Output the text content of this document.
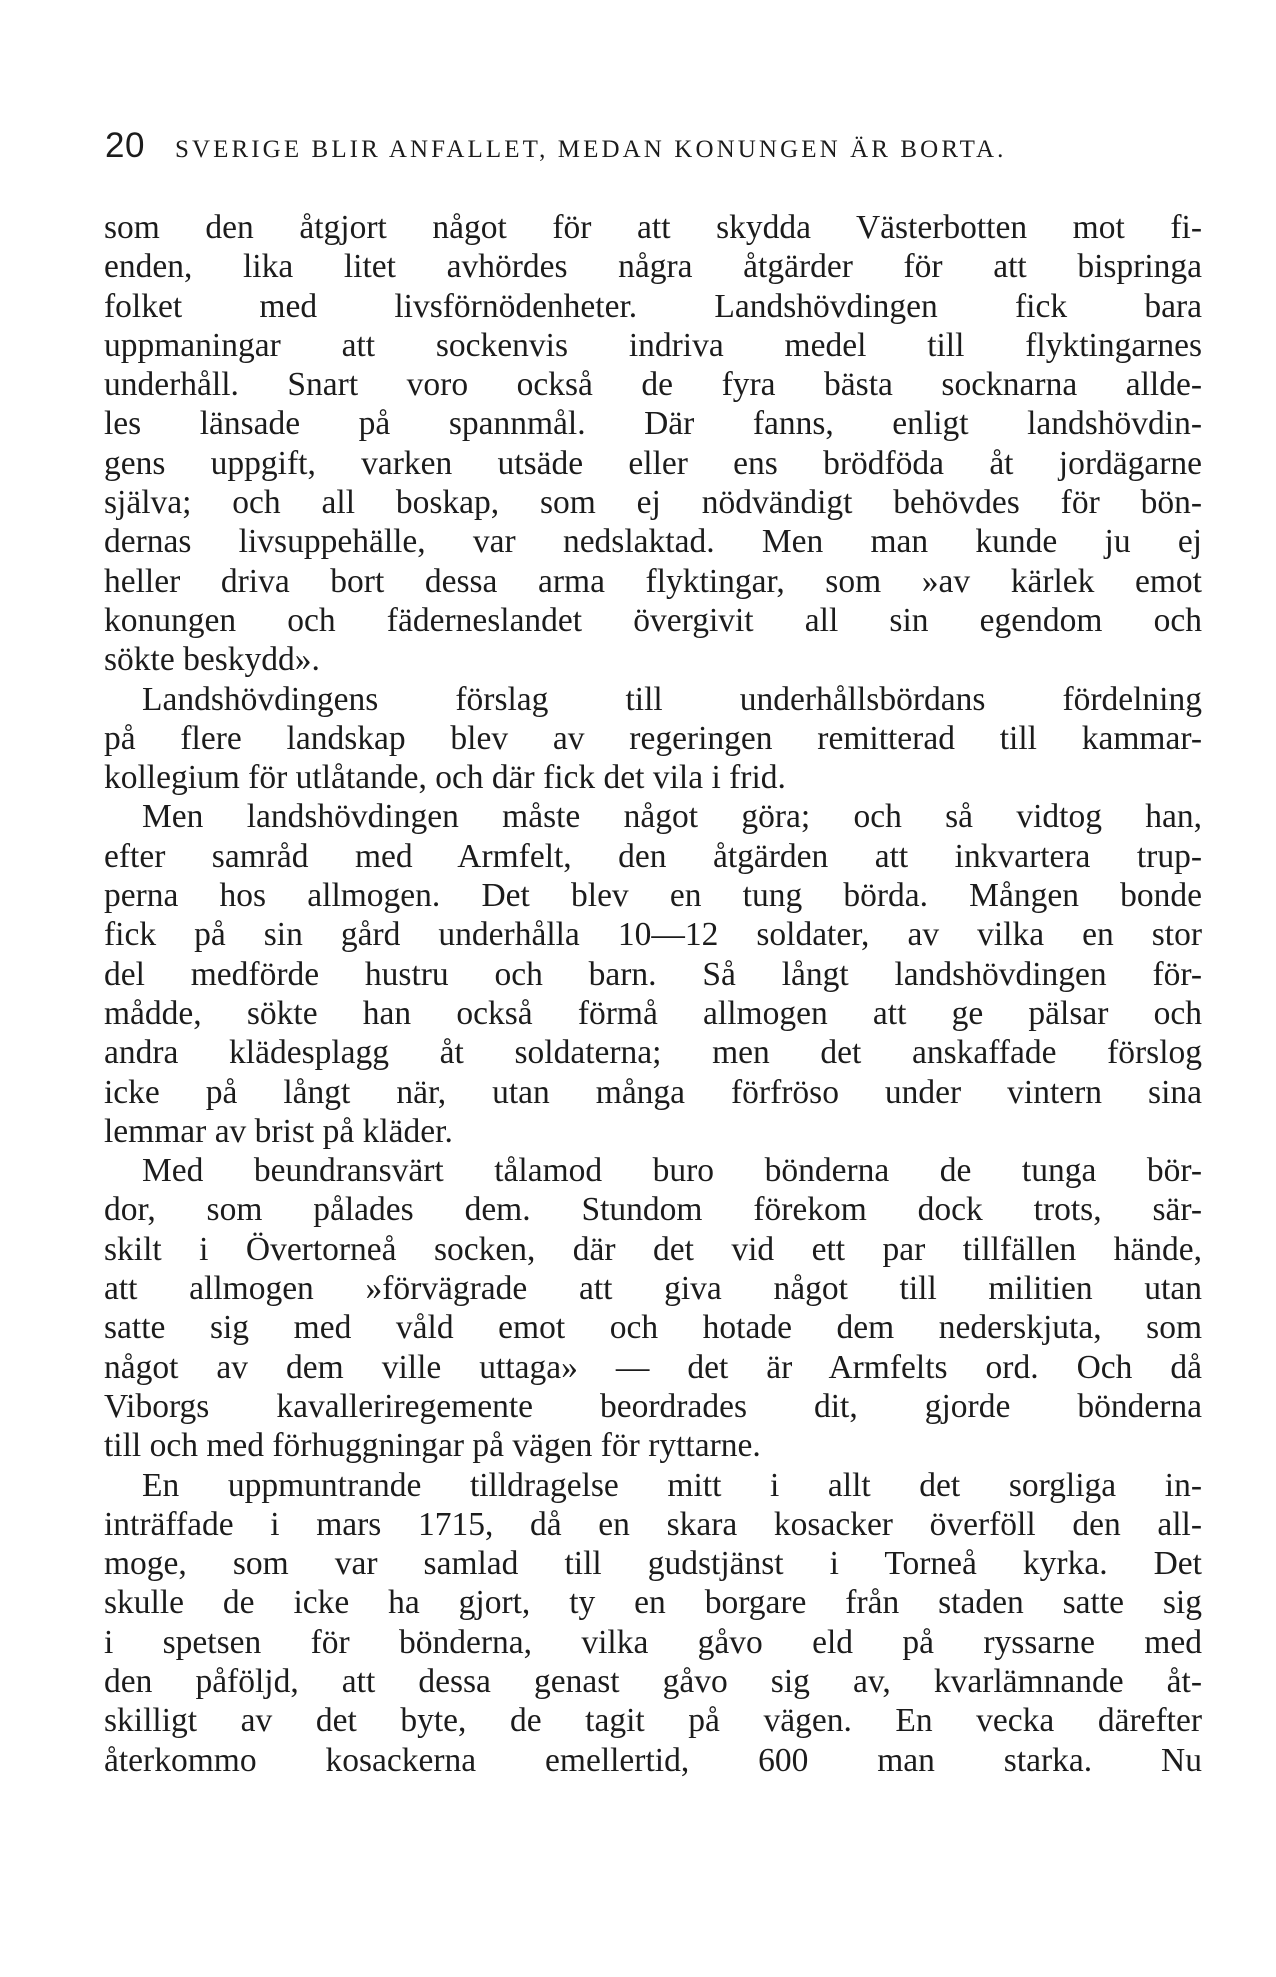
20 SVERIGE BLIR ANFALLET, MEDAN KONUNGEN ÄR BORTA.
som den åtgjort något för att skydda Västerbotten mot fi-
enden, lika litet avhördes några åtgärder för att bispringa
folket med livsförnödenheter. Landshövdingen fick bara
uppmaningar att sockenvis indriva medel till flyktingarnes
underhåll. Snart voro också de fyra bästa socknarna allde-
les länsade på spannmål. Där fanns, enligt landshövdin-
gens uppgift, varken utsäde eller ens brödföda åt jordägarne
själva; och all boskap, som ej nödvändigt behövdes för bön-
dernas livsuppehälle, var nedslaktad. Men man kunde ju ej
heller driva bort dessa arma flyktingar, som »av kärlek emot
konungen och fäderneslandet övergivit all sin egendom och
sökte beskydd».
Landshövdingens förslag till underhållsbördans fördelning
på flere landskap blev av regeringen remitterad till kammar-
kollegium för utlåtande, och där fick det vila i frid.
Men landshövdingen måste något göra; och så vidtog han,
efter samråd med Armfelt, den åtgärden att inkvartera trup-
perna hos allmogen. Det blev en tung börda. Mången bonde
fick på sin gård underhålla 10—12 soldater, av vilka en stor
del medförde hustru och barn. Så långt landshövdingen för-
mådde, sökte han också förmå allmogen att ge pälsar och
andra klädesplagg åt soldaterna; men det anskaffade förslog
icke på långt när, utan många förfröso under vintern sina
lemmar av brist på kläder.
Med beundransvärt tålamod buro bönderna de tunga bör-
dor, som pålades dem. Stundom förekom dock trots, sär-
skilt i Övertorneå socken, där det vid ett par tillfällen hände,
att allmogen »förvägrade att giva något till militien utan
satte sig med våld emot och hotade dem nederskjuta, som
något av dem ville uttaga» — det är Armfelts ord. Och då
Viborgs kavalleriregemente beordrades dit, gjorde bönderna
till och med förhuggningar på vägen för ryttarne.
En uppmuntrande tilldragelse mitt i allt det sorgliga in-
inträffade i mars 1715, då en skara kosacker överföll den all-
moge, som var samlad till gudstjänst i Torneå kyrka. Det
skulle de icke ha gjort, ty en borgare från staden satte sig
i spetsen för bönderna, vilka gåvo eld på ryssarne med
den påföljd, att dessa genast gåvo sig av, kvarlämnande åt-
skilligt av det byte, de tagit på vägen. En vecka därefter
återkommo kosackerna emellertid, 600 man starka. Nu
